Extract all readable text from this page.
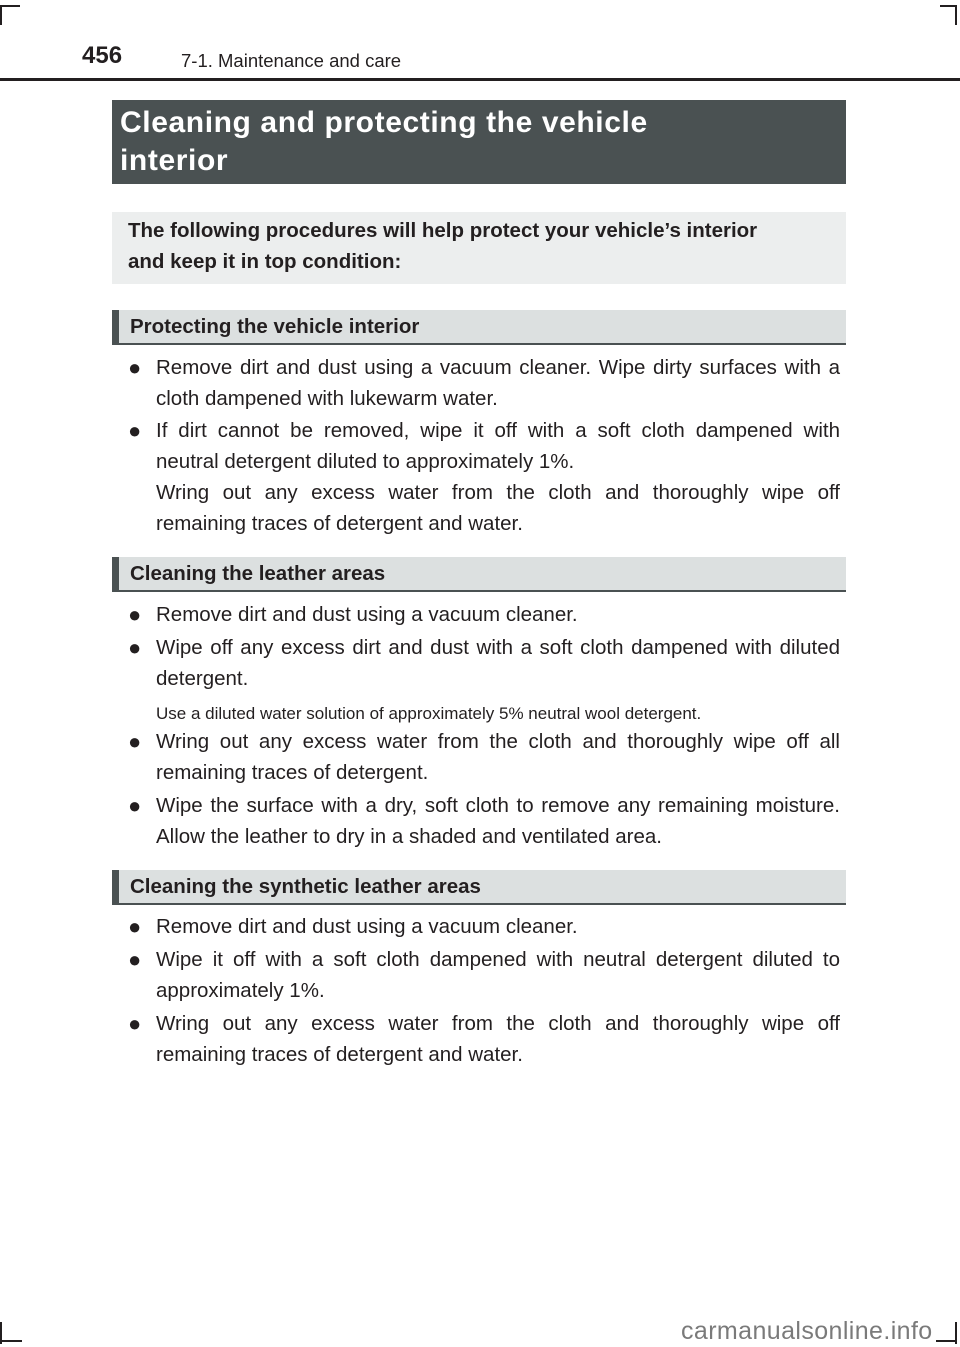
456	7-1. Maintenance and care
Cleaning and protecting the vehicle
interior
The following procedures will help protect your vehicle’s interior
and keep it in top condition:
Protecting the vehicle interior
● Remove dirt and dust using a vacuum cleaner. Wipe dirty surfaces with a cloth dampened with lukewarm water.

● If dirt cannot be removed, wipe it off with a soft cloth dampened with neutral detergent diluted to approximately 1%.

Wring out any excess water from the cloth and thoroughly wipe off remaining traces of detergent and water.

Cleaning the leather areas
● Remove dirt and dust using a vacuum cleaner.

● Wipe off any excess dirt and dust with a soft cloth dampened with diluted detergent.

Use a diluted water solution of approximately 5% neutral wool detergent.
● Wring out any excess water from the cloth and thoroughly wipe off all remaining traces of detergent.

● Wipe the surface with a dry, soft cloth to remove any remaining moisture. Allow the leather to dry in a shaded and ventilated area.

Cleaning the synthetic leather areas
● Remove dirt and dust using a vacuum cleaner.

● Wipe it off with a soft cloth dampened with neutral detergent diluted to approximately 1%.

● Wring out any excess water from the cloth and thoroughly wipe off remaining traces of detergent and water.

carmanualsonline.info
